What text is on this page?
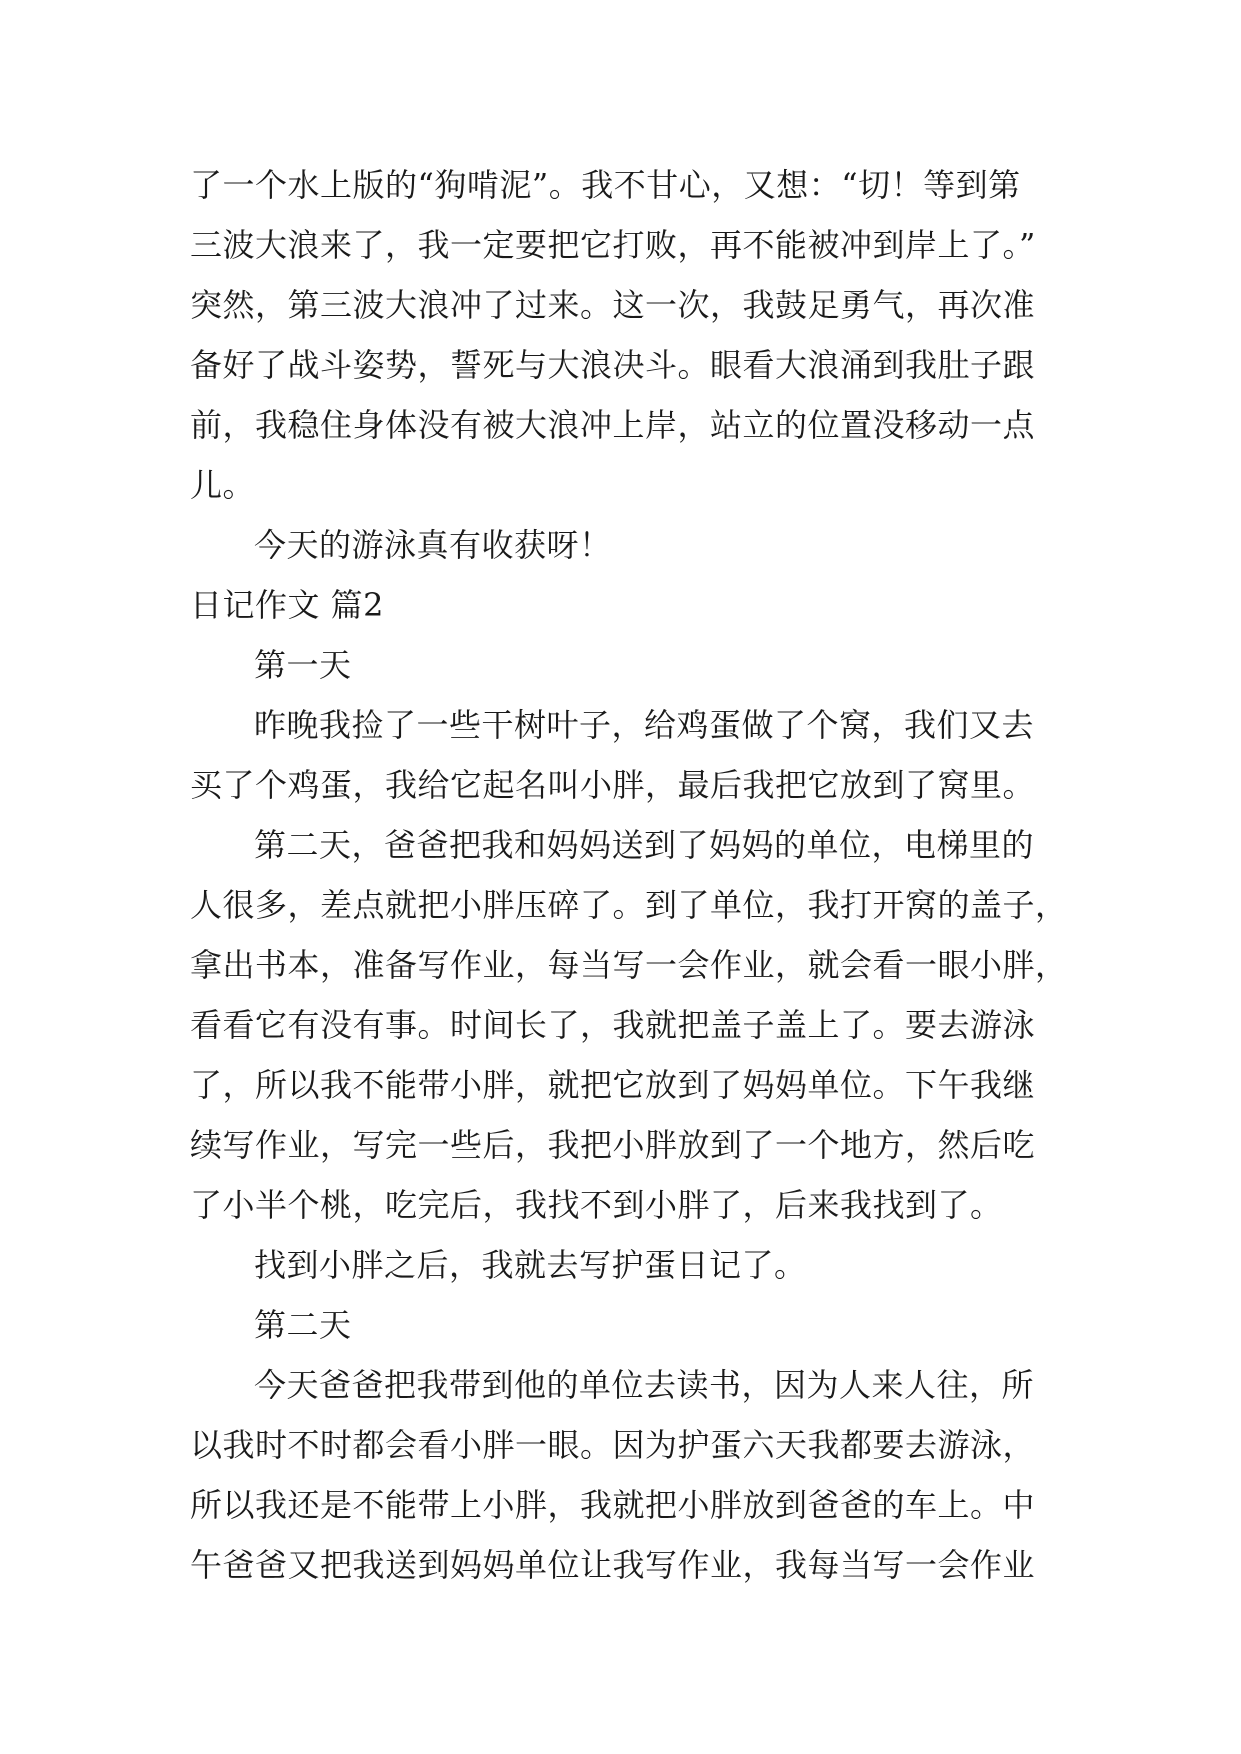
了一个水上版的“狗啃泥”。我不甘心，又想：“切！等到第
三波大浪来了，我一定要把它打败，再不能被冲到岸上了。”
突然，第三波大浪冲了过来。这一次，我鼓足勇气，再次准
备好了战斗姿势，誓死与大浪决斗。眼看大浪涌到我肚子跟
前，我稳住身体没有被大浪冲上岸，站立的位置没移动一点
儿。
今天的游泳真有收获呀！
日记作文 篇2
第一天
昨晚我捡了一些干树叶子，给鸡蛋做了个窝，我们又去
买了个鸡蛋，我给它起名叫小胖，最后我把它放到了窝里。
第二天，爸爸把我和妈妈送到了妈妈的单位，电梯里的
人很多，差点就把小胖压碎了。到了单位，我打开窝的盖子，
拿出书本，准备写作业，每当写一会作业，就会看一眼小胖，
看看它有没有事。时间长了，我就把盖子盖上了。要去游泳
了，所以我不能带小胖，就把它放到了妈妈单位。下午我继
续写作业，写完一些后，我把小胖放到了一个地方，然后吃
了小半个桃，吃完后，我找不到小胖了，后来我找到了。
找到小胖之后，我就去写护蛋日记了。
第二天
今天爸爸把我带到他的单位去读书，因为人来人往，所
以我时不时都会看小胖一眼。因为护蛋六天我都要去游泳，
所以我还是不能带上小胖，我就把小胖放到爸爸的车上。中
午爸爸又把我送到妈妈单位让我写作业，我每当写一会作业
